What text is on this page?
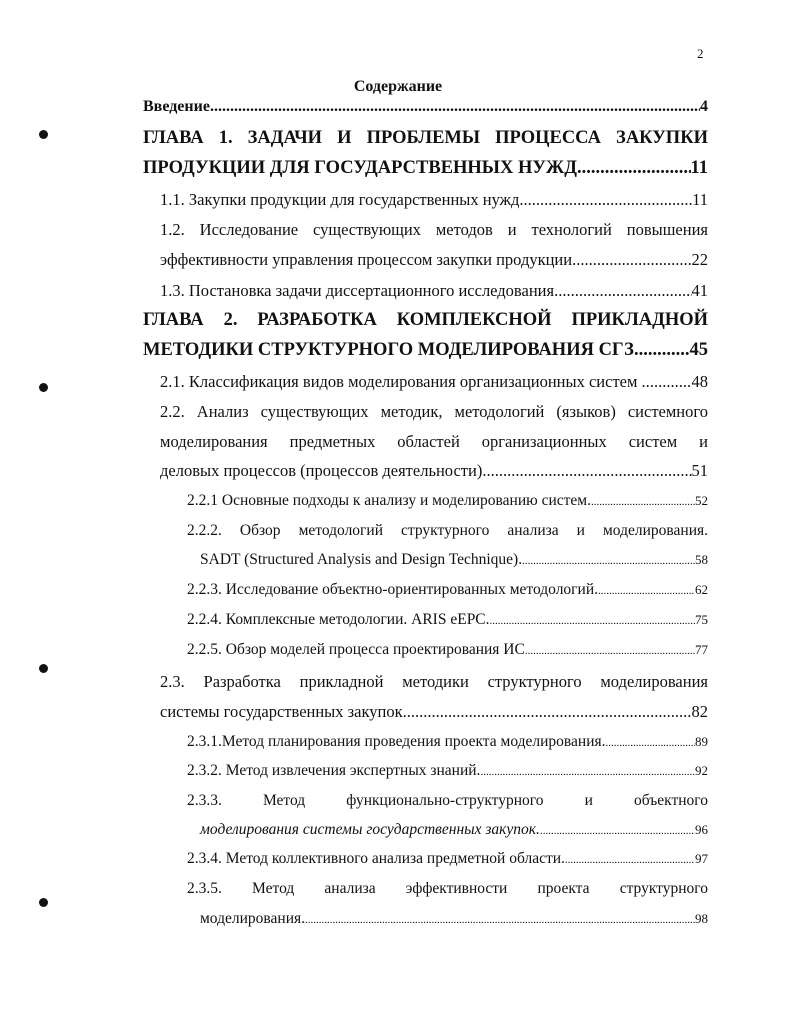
2
Содержание
Введение .....	4
ГЛАВА 1. ЗАДАЧИ И ПРОБЛЕМЫ ПРОЦЕССА ЗАКУПКИ
ПРОДУКЦИИ ДЛЯ ГОСУДАРСТВЕННЫХ НУЖД. .....	11
1.1. Закупки продукции для государственных нужд .....	11
1.2. Исследование существующих методов и технологий повышения
эффективности управления процессом закупки продукции .....	22
1.3. Постановка задачи диссертационного исследования .....	41
ГЛАВА 2. РАЗРАБОТКА КОМПЛЕКСНОЙ ПРИКЛАДНОЙ
МЕТОДИКИ СТРУКТУРНОГО МОДЕЛИРОВАНИЯ СГЗ .....	45
2.1. Классификация видов моделирования организационных систем .. .....	48
2.2. Анализ существующих методик, методологий (языков) системного
моделирования предметных областей организационных систем и
деловых процессов (процессов деятельности) .....	51
2.2.1 Основные подходы к анализу и моделированию систем. .....	52
2.2.2. Обзор методологий структурного анализа и моделирования.
SADT (Structured Analysis and Design Technique). .....	58
2.2.3. Исследование объектно-ориентированных методологий. .....	62
2.2.4. Комплексные методологии. ARIS eEPC. .....	75
2.2.5. Обзор моделей процесса проектирования ИС .....	77
2.3. Разработка прикладной методики структурного моделирования
системы государственных закупок .....	82
2.3.1.Метод планирования проведения проекта моделирования. .....	89
2.3.2. Метод извлечения экспертных знаний. .....	92
2.3.3. Метод функционально-структурного и объектного
моделирования системы государственных закупок. .....	96
2.3.4. Метод коллективного анализа предметной области. .....	97
2.3.5. Метод анализа эффективности проекта структурного
моделирования. .....	98
